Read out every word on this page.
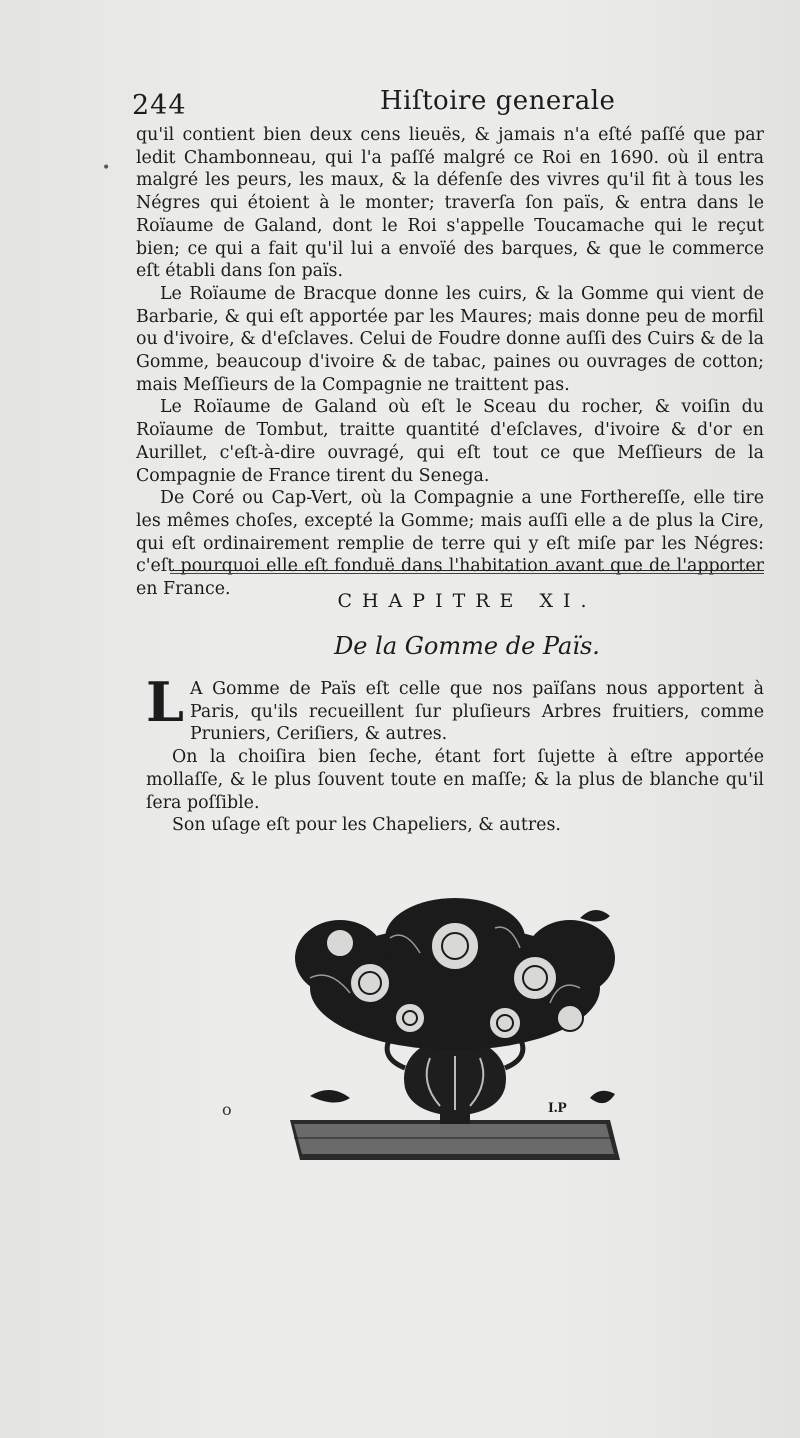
244	Hiſtoire generale
•

qu'il contient bien deux cens lieuës, & jamais n'a eſté paſſé que par ledit Chambonneau, qui l'a paſſé malgré ce Roi en 1690. où il entra malgré les peurs, les maux, & la défenſe des vivres qu'il fit à tous les Négres qui étoient à le monter; traverſa ſon païs, & entra dans le Roïaume de Galand, dont le Roi s'appelle Toucamache qui le reçut bien; ce qui a fait qu'il lui a envoïé des barques, & que le commerce eſt établi dans ſon païs.

Le Roïaume de Bracque donne les cuirs, & la Gomme qui vient de Barbarie, & qui eſt apportée par les Maures; mais donne peu de morfil ou d'ivoire, & d'eſclaves. Celui de Foudre donne auſſi des Cuirs & de la Gomme, beaucoup d'ivoire & de tabac, paines ou ouvrages de cotton; mais Meſſieurs de la Compagnie ne traittent pas.

Le Roïaume de Galand où eſt le Sceau du rocher, & voiſin du Roïaume de Tombut, traitte quantité d'eſclaves, d'ivoire & d'or en Aurillet, c'eſt-à-dire ouvragé, qui eſt tout ce que Meſſieurs de la Compagnie de France tirent du Senega.

De Coré ou Cap-Vert, où la Compagnie a une Forthereſſe, elle tire les mêmes choſes, excepté la Gomme; mais auſſi elle a de plus la Cire, qui eſt ordinairement remplie de terre qui y eſt miſe par les Négres: c'eſt pourquoi elle eſt fonduë dans l'habitation avant que de l'apporter en France.

CHAPITRE XI.
De la Gomme de Païs.

L A Gomme de Païs eſt celle que nos païſans nous apportent à Paris, qu'ils recueillent ſur pluſieurs Arbres fruitiers, comme Pruniers, Ceriſiers, & autres.

On la choiſira bien ſeche, étant fort ſujette à eſtre apportée mollaſſe, & le plus ſouvent toute en maſſe; & la plus de blanche qu'il ſera poſſible.

Son uſage eſt pour les Chapeliers, & autres.

o	I.P
